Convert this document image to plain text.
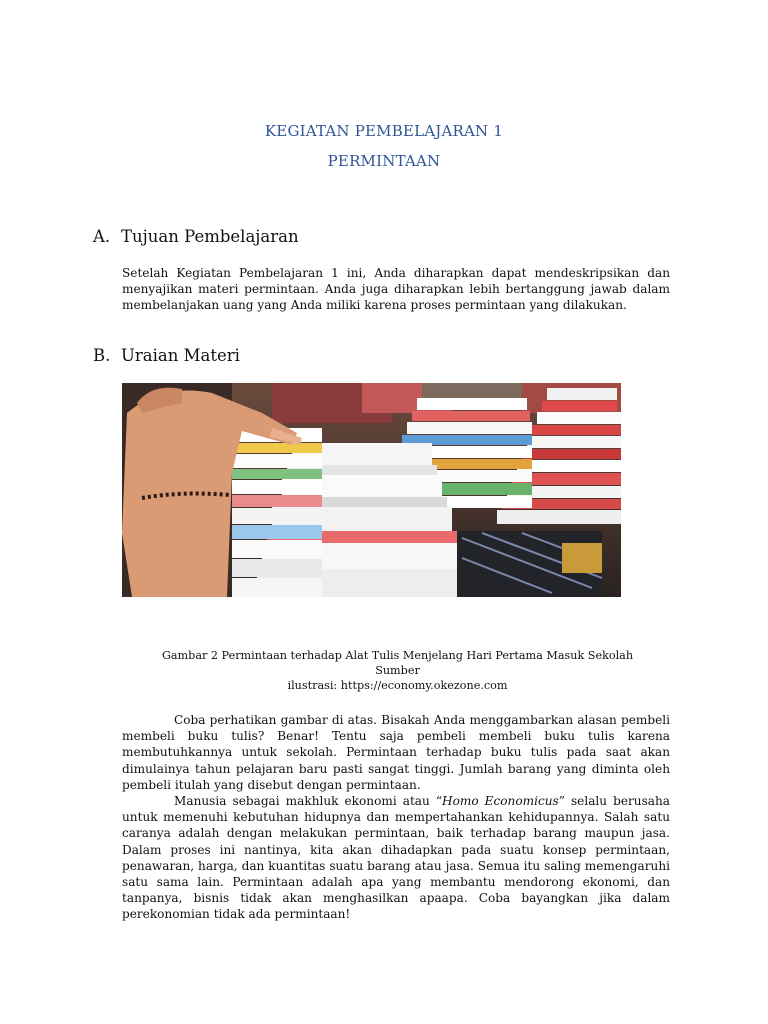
KEGIATAN PEMBELAJARAN 1
PERMINTAAN
A. Tujuan Pembelajaran

Setelah Kegiatan Pembelajaran 1 ini, Anda diharapkan dapat mendeskripsikan dan menyajikan materi permintaan. Anda juga diharapkan lebih bertanggung jawab dalam membelanjakan uang yang Anda miliki karena proses permintaan yang dilakukan.

B. Uraian Materi
Gambar 2 Permintaan terhadap Alat Tulis Menjelang Hari Pertama Masuk Sekolah Sumber
ilustrasi: https://economy.okezone.com

Coba perhatikan gambar di atas. Bisakah Anda menggambarkan alasan pembeli membeli buku tulis? Benar! Tentu saja pembeli membeli buku tulis karena membutuhkannya untuk sekolah. Permintaan terhadap buku tulis pada saat akan dimulainya tahun pelajaran baru pasti sangat tinggi. Jumlah barang yang diminta oleh pembeli itulah yang disebut dengan permintaan.

Manusia sebagai makhluk ekonomi atau “Homo Economicus” selalu berusaha untuk memenuhi kebutuhan hidupnya dan mempertahankan kehidupannya. Salah satu caranya adalah dengan melakukan permintaan, baik terhadap barang maupun jasa. Dalam proses ini nantinya, kita akan dihadapkan pada suatu konsep permintaan, penawaran, harga, dan kuantitas suatu barang atau jasa. Semua itu saling memengaruhi satu sama lain. Permintaan adalah apa yang membantu mendorong ekonomi, dan tanpanya, bisnis tidak akan menghasilkan apaapa. Coba bayangkan jika dalam perekonomian tidak ada permintaan!
